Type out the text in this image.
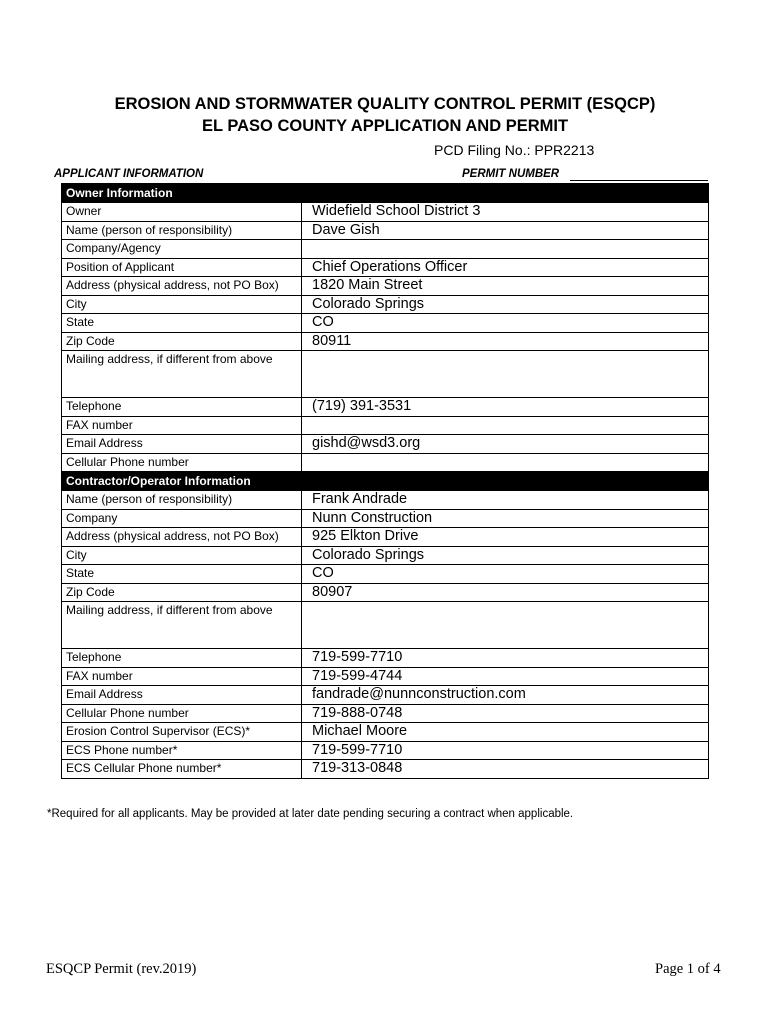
EROSION AND STORMWATER QUALITY CONTROL PERMIT (ESQCP)
EL PASO COUNTY APPLICATION AND PERMIT
PCD Filing No.: PPR2213
APPLICANT INFORMATION	PERMIT NUMBER
Owner Information	
Owner	Widefield School District 3
Name (person of responsibility)	Dave Gish
Company/Agency	
Position of Applicant	Chief Operations Officer
Address (physical address, not PO Box)	1820 Main Street
City	Colorado Springs
State	CO
Zip Code	80911
Mailing address, if different from above	
Telephone	(719) 391-3531
FAX number	
Email Address	gishd@wsd3.org
Cellular Phone number	
Contractor/Operator Information	
Name (person of responsibility)	Frank Andrade
Company	Nunn Construction
Address (physical address, not PO Box)	925 Elkton Drive
City	Colorado Springs
State	CO
Zip Code	80907
Mailing address, if different from above	
Telephone	719-599-7710
FAX number	719-599-4744
Email Address	fandrade@nunnconstruction.com
Cellular Phone number	719-888-0748
Erosion Control Supervisor (ECS)*	Michael Moore
ECS Phone number*	719-599-7710
ECS Cellular Phone number*	719-313-0848
*Required for all applicants. May be provided at later date pending securing a contract when applicable.
ESQCP Permit (rev.2019)	Page 1 of 4
